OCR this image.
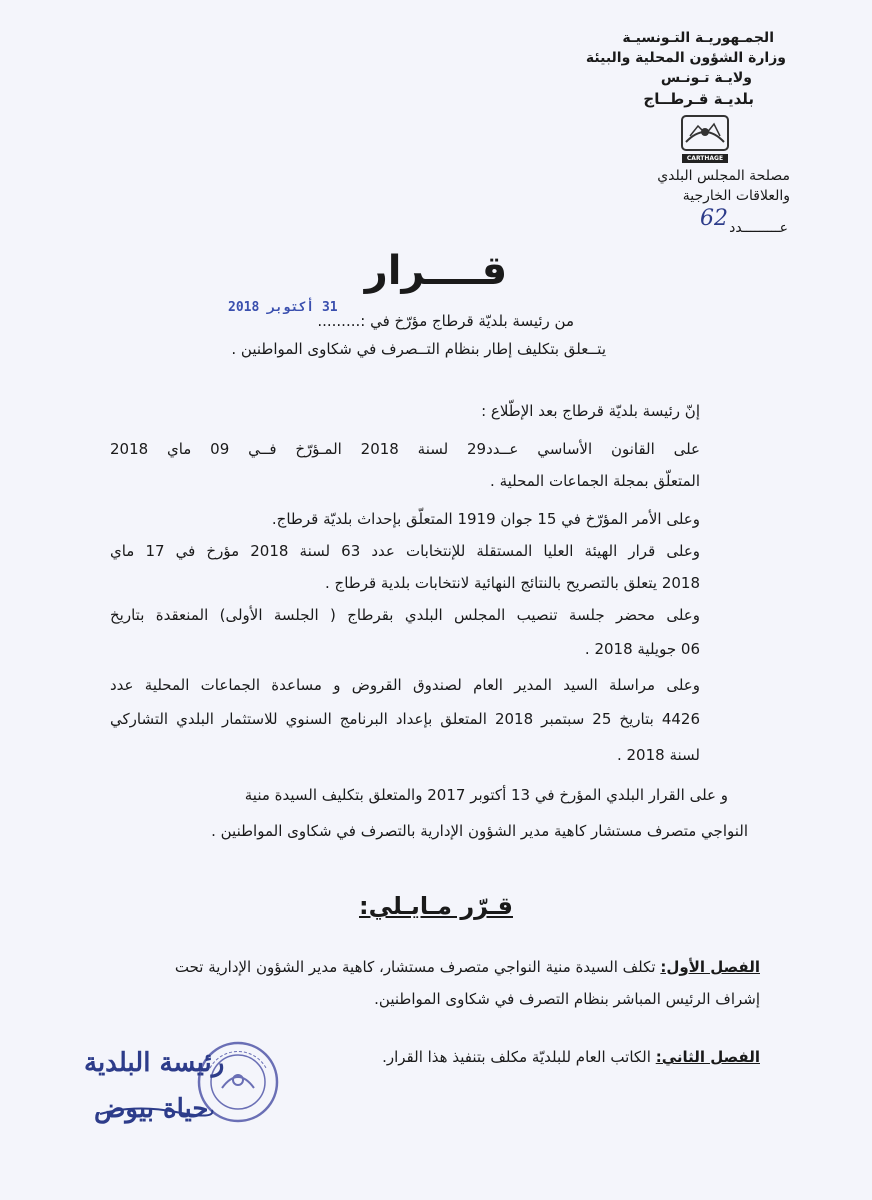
الجمـهوريـة التـونسيـة
وزارة الشؤون المحلية والبيئة
ولايـة تـونـس
بلديـة قـرطــاج
CARTHAGE
مصلحة المجلس البلدي
والعلاقات الخارجية
عـــــــــدد
62
قــــرار
من رئيسة بلديّة قرطاج مؤرّخ في :.........
31 أكتوبر 2018
يتــعلق بتكليف إطار بنظام التــصرف في شكاوى المواطنين .
إنّ رئيسة بلديّة قرطاج بعد الإطّلاع :
على القانون الأساسي عــدد29 لسنة 2018 المـؤرّخ فــي 09 ماي 2018
المتعلّق بمجلة الجماعات المحلية .
وعلى الأمر المؤرّخ في 15 جوان 1919 المتعلّق بإحداث بلديّة قرطاج.
وعلى قرار الهيئة العليا المستقلة للإنتخابات عدد 63 لسنة 2018 مؤرخ في 17 ماي
2018 يتعلق بالتصريح بالنتائج النهائية لانتخابات بلدية قرطاج .
وعلى محضر جلسة تنصيب المجلس البلدي بقرطاج ( الجلسة الأولى) المنعقدة بتاريخ
06 جويلية 2018 .
وعلى مراسلة السيد المدير العام لصندوق القروض و مساعدة الجماعات المحلية عدد
4426 بتاريخ 25 سبتمبر 2018 المتعلق بإعداد البرنامج السنوي للاستثمار البلدي التشاركي
لسنة 2018 .
و على القرار البلدي المؤرخ في 13 أكتوبر 2017 والمتعلق بتكليف السيدة منية
النواجي متصرف مستشار كاهية مدير الشؤون الإدارية بالتصرف في شكاوى المواطنين .
قـرّر مـايـلي:
الفصل الأول: تكلف السيدة منية النواجي متصرف مستشار، كاهية مدير الشؤون الإدارية تحت
إشراف الرئيس المباشر بنظام التصرف في شكاوى المواطنين.
الفصل الثاني: الكاتب العام للبلديّة مكلف بتنفيذ هذا القرار.
رئيسة البلدية
حياة بيوض
